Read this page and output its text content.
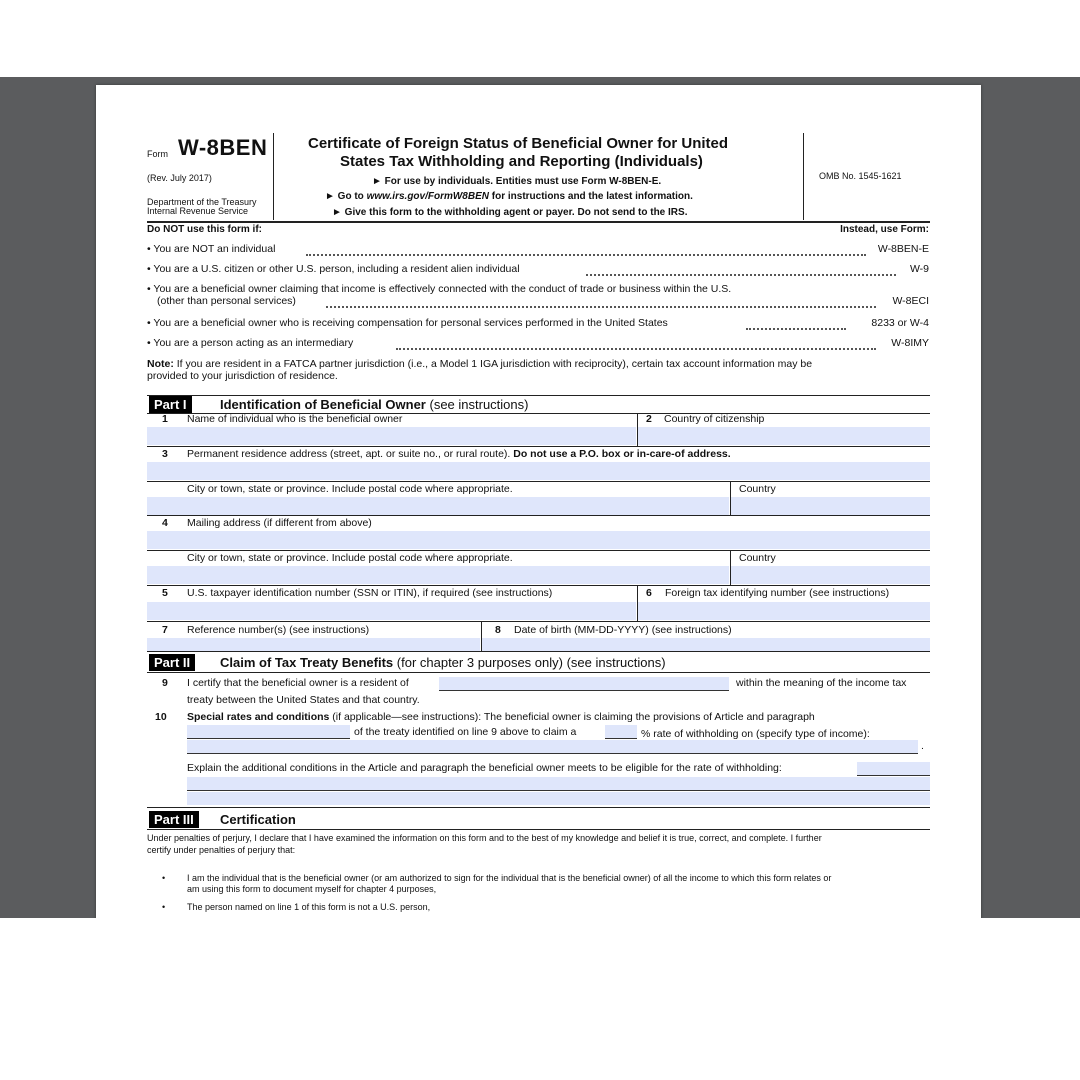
Form W-8BEN
(Rev. July 2017)
Department of the Treasury
Internal Revenue Service
Certificate of Foreign Status of Beneficial Owner for United
States Tax Withholding and Reporting (Individuals)
► For use by individuals. Entities must use Form W-8BEN-E.
► Go to www.irs.gov/FormW8BEN for instructions and the latest information.
► Give this form to the withholding agent or payer. Do not send to the IRS.
OMB No. 1545-1621
Do NOT use this form if:	Instead, use Form:
• You are NOT an individual	W-8BEN-E
• You are a U.S. citizen or other U.S. person, including a resident alien individual	W-9
• You are a beneficial owner claiming that income is effectively connected with the conduct of trade or business within the U.S.
(other than personal services)	W-8ECI
• You are a beneficial owner who is receiving compensation for personal services performed in the United States	8233 or W-4
• You are a person acting as an intermediary	W-8IMY
Note: If you are resident in a FATCA partner jurisdiction (i.e., a Model 1 IGA jurisdiction with reciprocity), certain tax account information may be
provided to your jurisdiction of residence.
Part I	Identification of Beneficial Owner (see instructions)
1 Name of individual who is the beneficial owner	2 Country of citizenship
3 Permanent residence address (street, apt. or suite no., or rural route). Do not use a P.O. box or in-care-of address.
City or town, state or province. Include postal code where appropriate.	Country
4 Mailing address (if different from above)
City or town, state or province. Include postal code where appropriate.	Country
5 U.S. taxpayer identification number (SSN or ITIN), if required (see instructions)	6 Foreign tax identifying number (see instructions)
7 Reference number(s) (see instructions)	8 Date of birth (MM-DD-YYYY) (see instructions)
Part II	Claim of Tax Treaty Benefits (for chapter 3 purposes only) (see instructions)
9 I certify that the beneficial owner is a resident of	within the meaning of the income tax
treaty between the United States and that country.
10 Special rates and conditions (if applicable—see instructions): The beneficial owner is claiming the provisions of Article and paragraph
of the treaty identified on line 9 above to claim a	% rate of withholding on (specify type of income):
.
Explain the additional conditions in the Article and paragraph the beneficial owner meets to be eligible for the rate of withholding:
Part III	Certification
Under penalties of perjury, I declare that I have examined the information on this form and to the best of my knowledge and belief it is true, correct, and complete. I further
certify under penalties of perjury that:
• I am the individual that is the beneficial owner (or am authorized to sign for the individual that is the beneficial owner) of all the income to which this form relates or
am using this form to document myself for chapter 4 purposes,
• The person named on line 1 of this form is not a U.S. person,
